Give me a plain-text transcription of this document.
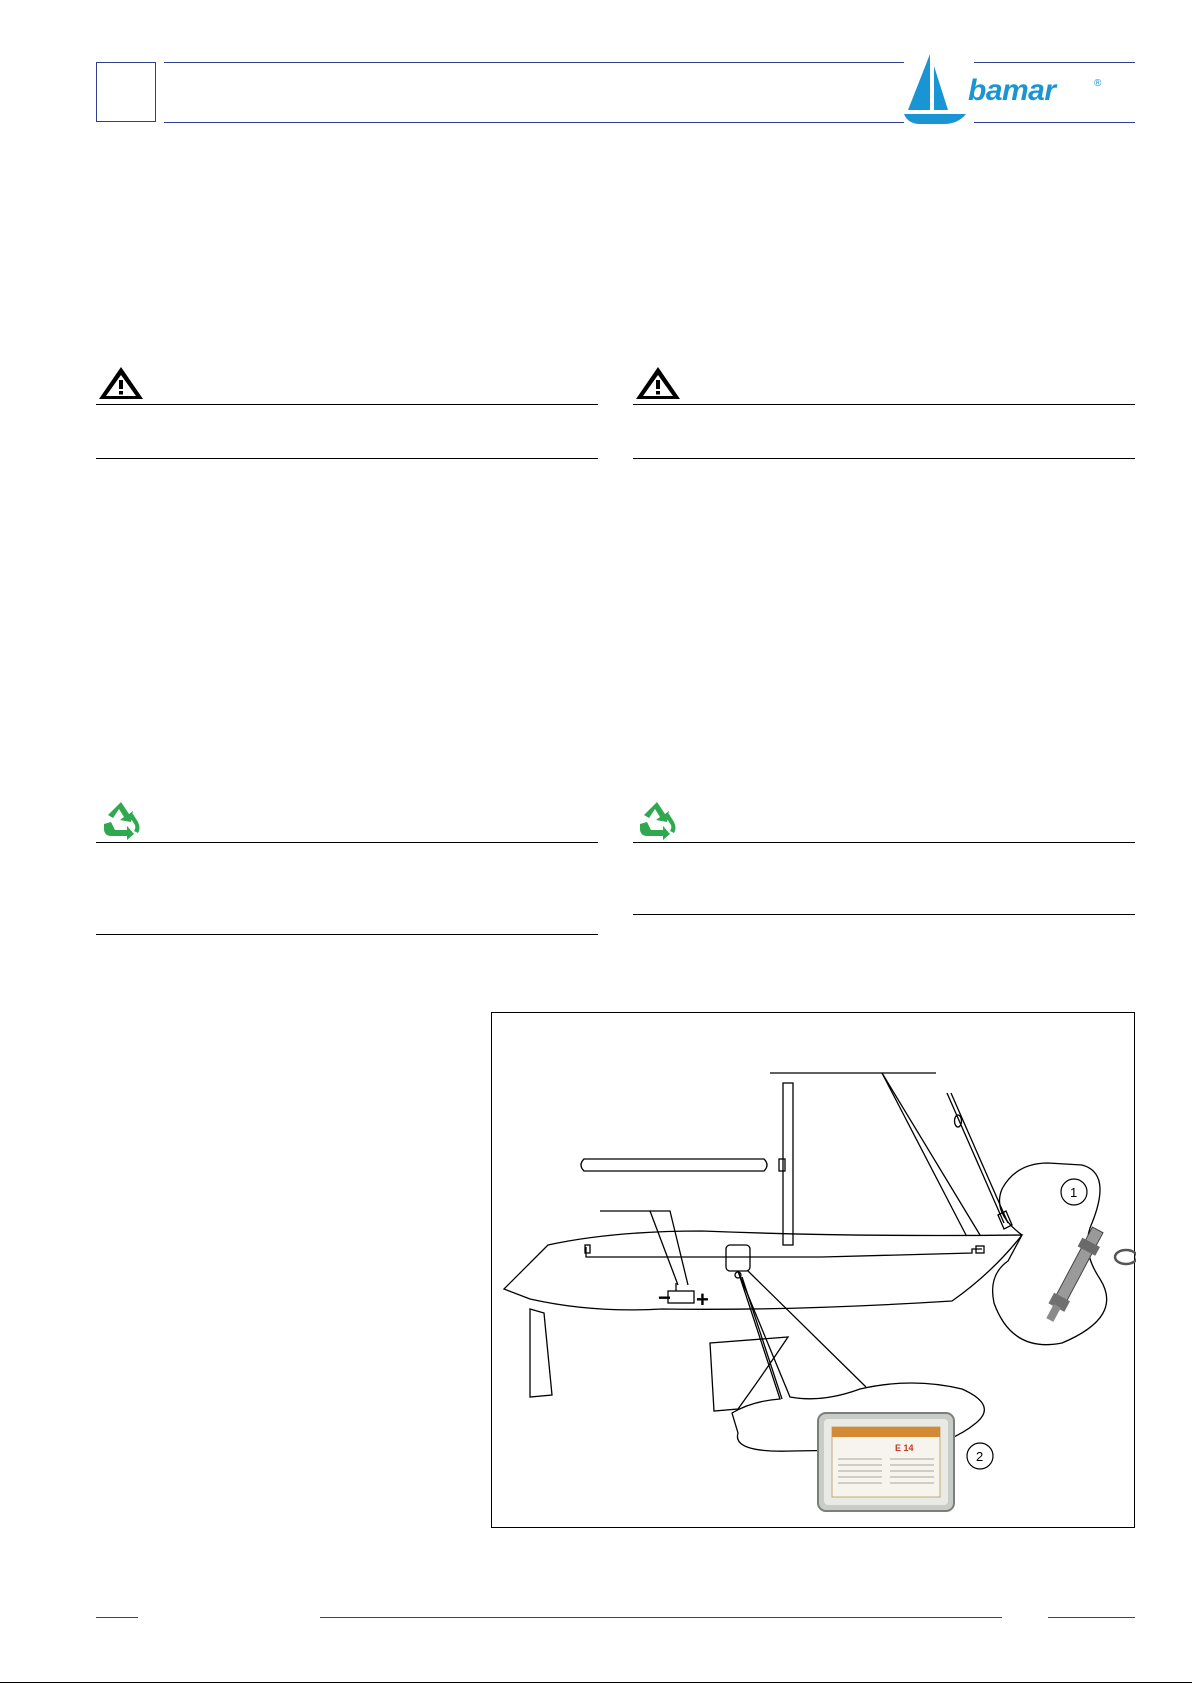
bamar	®
− +
1
E 14
2
